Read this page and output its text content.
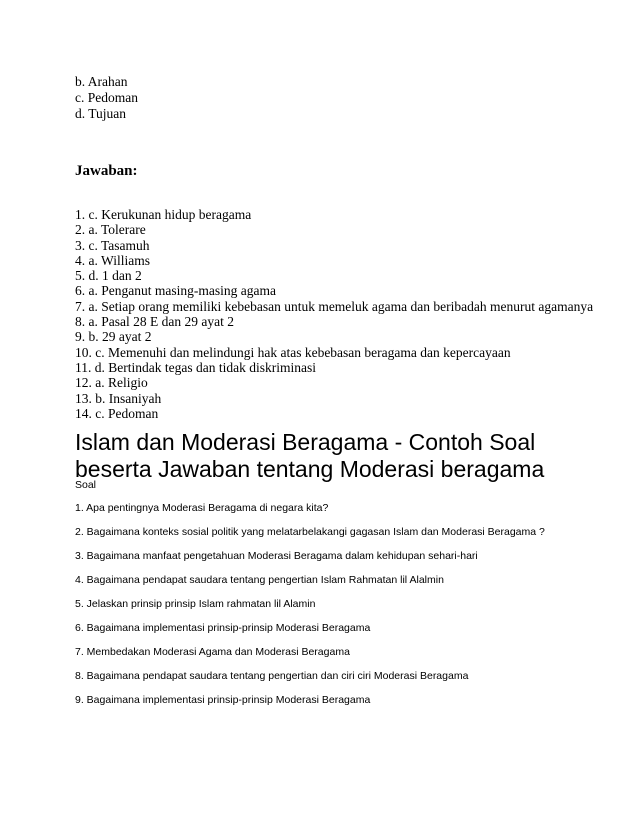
b. Arahan
c. Pedoman
d. Tujuan
Jawaban:
1. c. Kerukunan hidup beragama
2. a. Tolerare
3. c. Tasamuh
4. a. Williams
5. d. 1 dan 2
6. a. Penganut masing-masing agama
7. a. Setiap orang memiliki kebebasan untuk memeluk agama dan beribadah menurut agamanya
8. a. Pasal 28 E dan 29 ayat 2
9. b. 29 ayat 2
10. c. Memenuhi dan melindungi hak atas kebebasan beragama dan kepercayaan
11. d. Bertindak tegas dan tidak diskriminasi
12. a. Religio
13. b. Insaniyah
14. c. Pedoman
Islam dan Moderasi Beragama - Contoh Soal beserta Jawaban tentang Moderasi beragama
Soal
1. Apa pentingnya Moderasi Beragama di negara kita?
2. Bagaimana konteks sosial politik yang melatarbelakangi gagasan Islam dan Moderasi Beragama ?
3. Bagaimana manfaat pengetahuan Moderasi Beragama dalam kehidupan sehari-hari
4. Bagaimana pendapat saudara tentang pengertian Islam Rahmatan lil Alalmin
5. Jelaskan prinsip prinsip Islam rahmatan lil Alamin
6. Bagaimana implementasi prinsip-prinsip Moderasi Beragama
7. Membedakan Moderasi Agama dan Moderasi Beragama
8. Bagaimana pendapat saudara tentang pengertian dan ciri ciri Moderasi Beragama
9. Bagaimana implementasi prinsip-prinsip Moderasi Beragama
